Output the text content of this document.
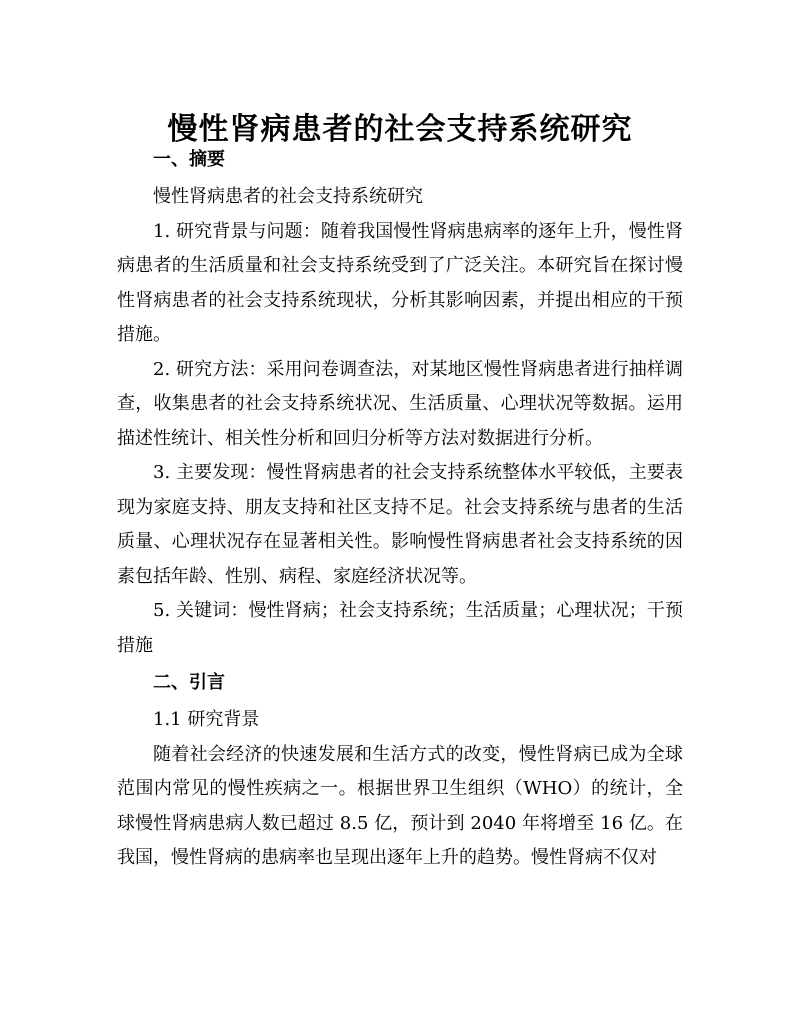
慢性肾病患者的社会支持系统研究
一、摘要

慢性肾病患者的社会支持系统研究

1. 研究背景与问题：随着我国慢性肾病患病率的逐年上升，慢性肾病患者的生活质量和社会支持系统受到了广泛关注。本研究旨在探讨慢性肾病患者的社会支持系统现状，分析其影响因素，并提出相应的干预措施。

2. 研究方法：采用问卷调查法，对某地区慢性肾病患者进行抽样调查，收集患者的社会支持系统状况、生活质量、心理状况等数据。运用描述性统计、相关性分析和回归分析等方法对数据进行分析。

3. 主要发现：慢性肾病患者的社会支持系统整体水平较低，主要表现为家庭支持、朋友支持和社区支持不足。社会支持系统与患者的生活质量、心理状况存在显著相关性。影响慢性肾病患者社会支持系统的因素包括年龄、性别、病程、家庭经济状况等。

5. 关键词：慢性肾病；社会支持系统；生活质量；心理状况；干预措施

二、引言

1.1 研究背景

随着社会经济的快速发展和生活方式的改变，慢性肾病已成为全球范围内常见的慢性疾病之一。根据世界卫生组织（WHO）的统计，全球慢性肾病患病人数已超过 8.5 亿，预计到 2040 年将增至 16 亿。在我国，慢性肾病的患病率也呈现出逐年上升的趋势。慢性肾病不仅对
